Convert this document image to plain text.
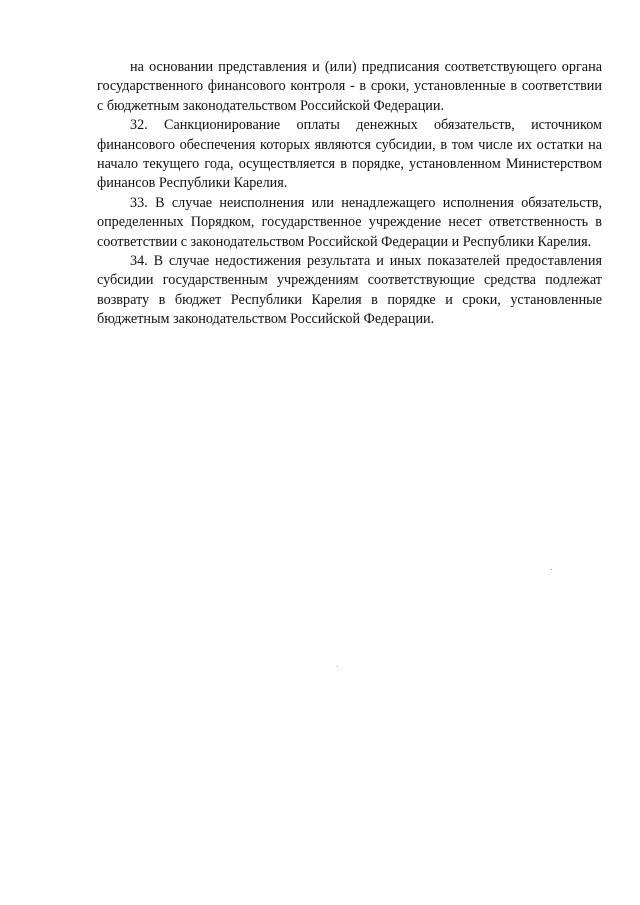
на основании представления и (или) предписания соответствующего органа государственного финансового контроля - в сроки, установленные в соответствии с бюджетным законодательством Российской Федерации.

32. Санкционирование оплаты денежных обязательств, источником финансового обеспечения которых являются субсидии, в том числе их остатки на начало текущего года, осуществляется в порядке, установленном Министерством финансов Республики Карелия.

33. В случае неисполнения или ненадлежащего исполнения обязательств, определенных Порядком, государственное учреждение несет ответственность в соответствии с законодательством Российской Федерации и Республики Карелия.

34. В случае недостижения результата и иных показателей предоставления субсидии государственным учреждениям соответствующие средства подлежат возврату в бюджет Республики Карелия в порядке и сроки, установленные бюджетным законодательством Российской Федерации.
